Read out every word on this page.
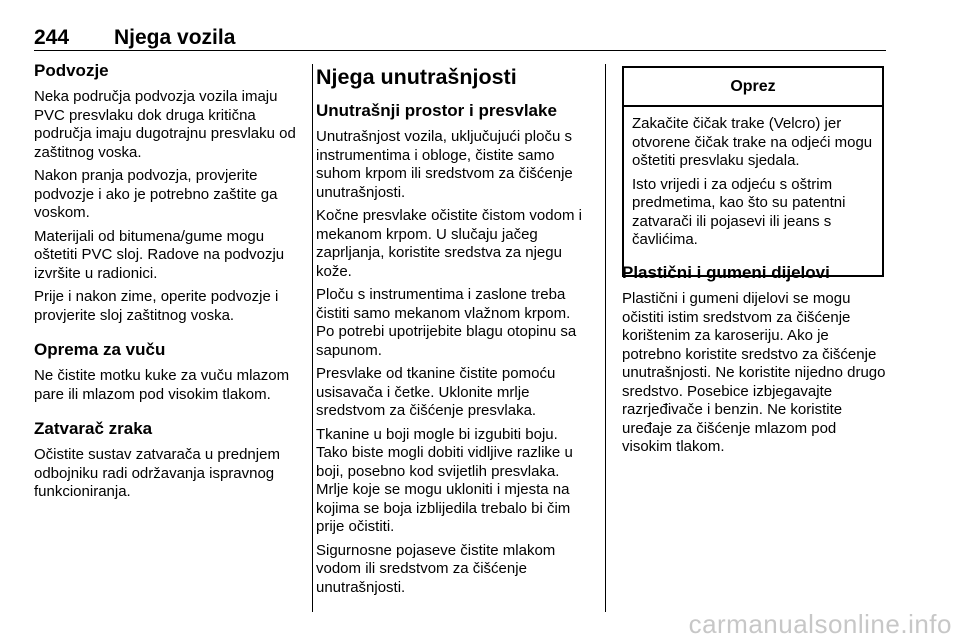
244 Njega vozila
Podvozje

Neka područja podvozja vozila imaju PVC presvlaku dok druga kritična područja imaju dugotrajnu presvlaku od zaštitnog voska.

Nakon pranja podvozja, provjerite podvozje i ako je potrebno zaštite ga voskom.

Materijali od bitumena/gume mogu oštetiti PVC sloj. Radove na podvozju izvršite u radionici.

Prije i nakon zime, operite podvozje i provjerite sloj zaštitnog voska.

Oprema za vuču

Ne čistite motku kuke za vuču mlazom pare ili mlazom pod visokim tlakom.

Zatvarač zraka

Očistite sustav zatvarača u prednjem odbojniku radi održavanja ispravnog funkcioniranja.

Njega unutrašnjosti
Unutrašnji prostor i presvlake

Unutrašnjost vozila, uključujući ploču s instrumentima i obloge, čistite samo suhom krpom ili sredstvom za čišćenje unutrašnjosti.

Kočne presvlake očistite čistom vodom i mekanom krpom. U slučaju jačeg zaprljanja, koristite sredstva za njegu kože.

Ploču s instrumentima i zaslone treba čistiti samo mekanom vlažnom krpom. Po potrebi upotrijebite blagu otopinu sa sapunom.

Presvlake od tkanine čistite pomoću usisavača i četke. Uklonite mrlje sredstvom za čišćenje presvlaka.

Tkanine u boji mogle bi izgubiti boju. Tako biste mogli dobiti vidljive razlike u boji, posebno kod svijetlih presvlaka. Mrlje koje se mogu ukloniti i mjesta na kojima se boja izblijedila trebalo bi čim prije očistiti.

Sigurnosne pojaseve čistite mlakom vodom ili sredstvom za čišćenje unutrašnjosti.

Oprez

Zakačite čičak trake (Velcro) jer otvorene čičak trake na odjeći mogu oštetiti presvlaku sjedala.

Isto vrijedi i za odjeću s oštrim predmetima, kao što su patentni zatvarači ili pojasevi ili jeans s čavlićima.

Plastični i gumeni dijelovi

Plastični i gumeni dijelovi se mogu očistiti istim sredstvom za čišćenje korištenim za karoseriju. Ako je potrebno koristite sredstvo za čišćenje unutrašnjosti. Ne koristite nijedno drugo sredstvo. Posebice izbjegavajte razrjeđivače i benzin. Ne koristite uređaje za čišćenje mlazom pod visokim tlakom.

carmanualsonline.info
